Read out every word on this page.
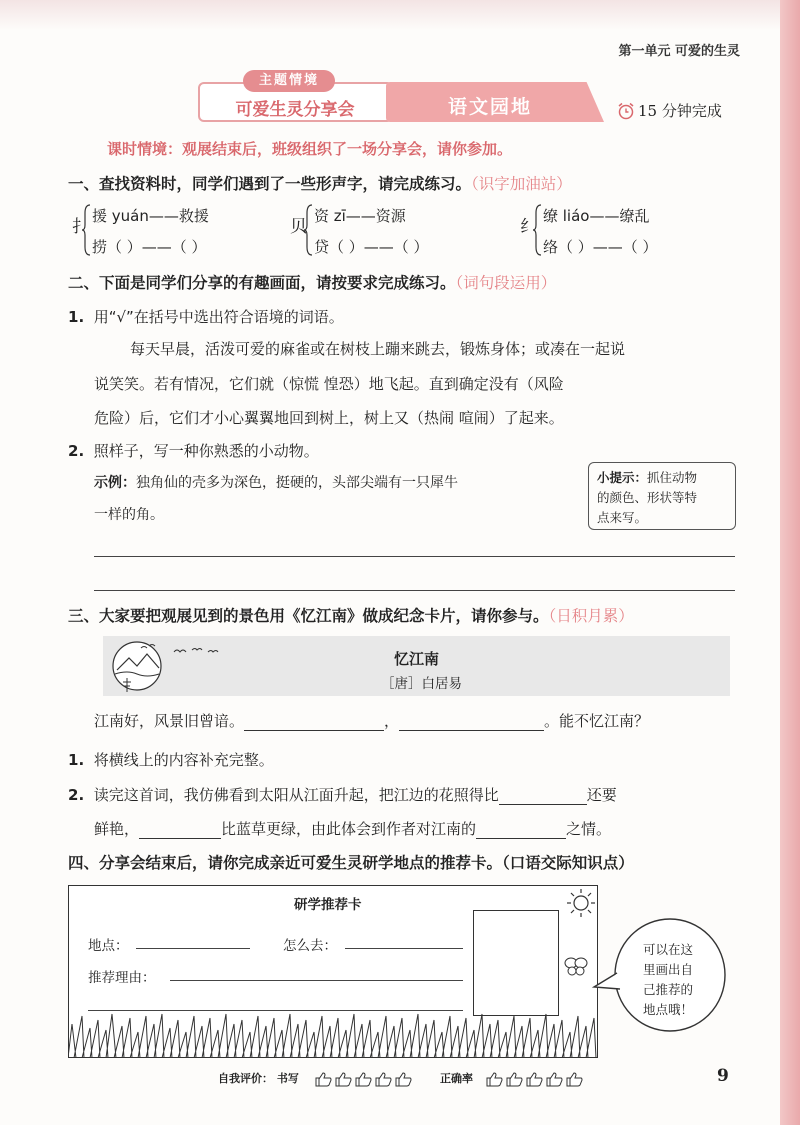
第一单元 可爱的生灵
主题情境
可爱生灵分享会	语文园地	15 分钟完成
课时情境：观展结束后，班级组织了一场分享会，请你参加。
一、查找资料时，同学们遇到了一些形声字，请完成练习。（识字加油站）
扌
援 yuán——救援
捞（ ）——（ ）
贝
资 zī——资源
贷（ ）——（ ）
纟
缭 liáo——缭乱
络（ ）——（ ）
二、下面是同学们分享的有趣画面，请按要求完成练习。（词句段运用）
1. 用“√”在括号中选出符合语境的词语。
每天早晨，活泼可爱的麻雀或在树枝上蹦来跳去，锻炼身体；或凑在一起说
说笑笑。若有情况，它们就（惊慌 惶恐）地飞起。直到确定没有（风险
危险）后，它们才小心翼翼地回到树上，树上又（热闹 喧闹）了起来。
2. 照样子，写一种你熟悉的小动物。
示例：独角仙的壳多为深色，挺硬的，头部尖端有一只犀牛
一样的角。
小提示：抓住动物
的颜色、形状等特
点来写。
三、大家要把观展见到的景色用《忆江南》做成纪念卡片，请你参与。（日积月累）
忆江南
［唐］白居易
江南好，风景旧曾谙。	，	。能不忆江南？
1. 将横线上的内容补充完整。
2. 读完这首词，我仿佛看到太阳从江面升起，把江边的花照得比	还要
鲜艳，	比蓝草更绿，由此体会到作者对江南的	之情。
四、分享会结束后，请你完成亲近可爱生灵研学地点的推荐卡。（口语交际知识点）
研学推荐卡
地点：	怎么去：
推荐理由：
可以在这
里画出自
己推荐的
地点哦！
自我评价： 书写	正确率	9
